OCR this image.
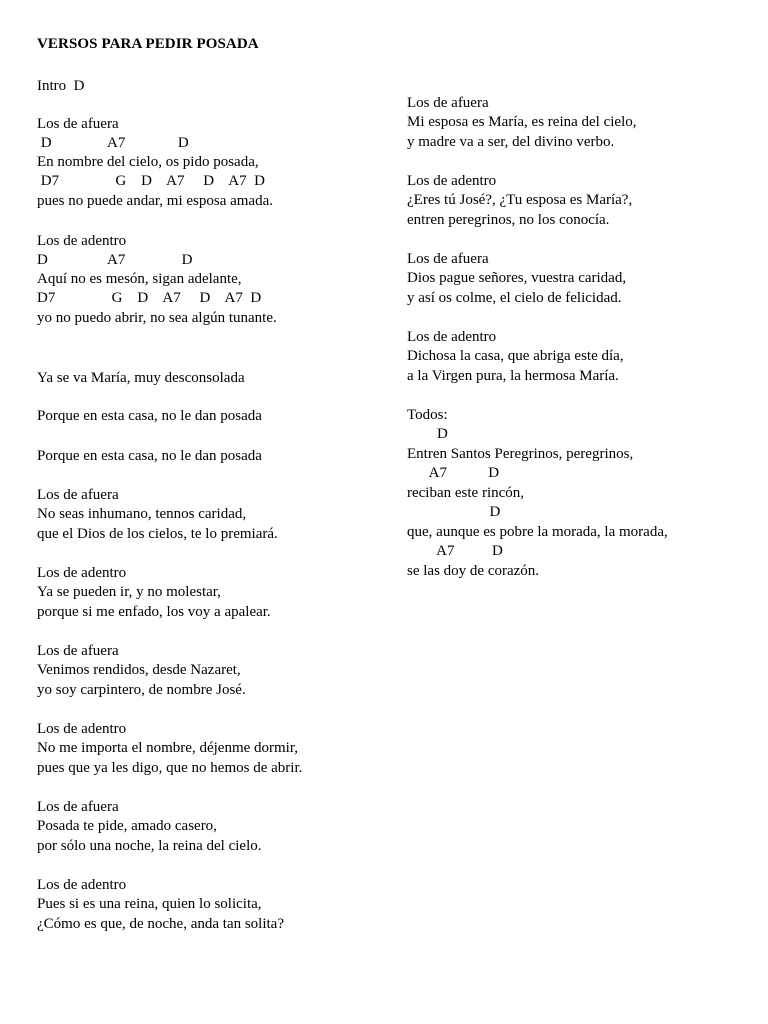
VERSOS PARA PEDIR POSADA
Intro  D
Los de afuera
D               A7              D
En nombre del cielo, os pido posada,
D7               G    D    A7     D    A7  D
pues no puede andar, mi esposa amada.
Los de adentro
D                A7               D
Aquí no es mesón, sigan adelante,
D7               G    D    A7     D    A7  D
yo no puedo abrir, no sea algún tunante.
Ya se va María, muy desconsolada
Porque en esta casa, no le dan posada
Porque en esta casa, no le dan posada
Los de afuera
No seas inhumano, tennos caridad,
que el Dios de los cielos, te lo premiará.
Los de adentro
Ya se pueden ir, y no molestar,
porque si me enfado, los voy a apalear.
Los de afuera
Venimos rendidos, desde Nazaret,
yo soy carpintero, de nombre José.
Los de adentro
No me importa el nombre, déjenme dormir,
pues que ya les digo, que no hemos de abrir.
Los de afuera
Posada te pide, amado casero,
por sólo una noche, la reina del cielo.
Los de adentro
Pues si es una reina, quien lo solicita,
¿Cómo es que, de noche, anda tan solita?
Los de afuera
Mi esposa es María, es reina del cielo,
y madre va a ser, del divino verbo.
Los de adentro
¿Eres tú José?, ¿Tu esposa es María?,
entren peregrinos, no los conocía.
Los de afuera
Dios pague señores, vuestra caridad,
y así os colme, el cielo de felicidad.
Los de adentro
Dichosa la casa, que abriga este día,
a la Virgen pura, la hermosa María.
Todos:
D
Entren Santos Peregrinos, peregrinos,
A7           D
reciban este rincón,
D
que, aunque es pobre la morada, la morada,
A7          D
se las doy de corazón.
